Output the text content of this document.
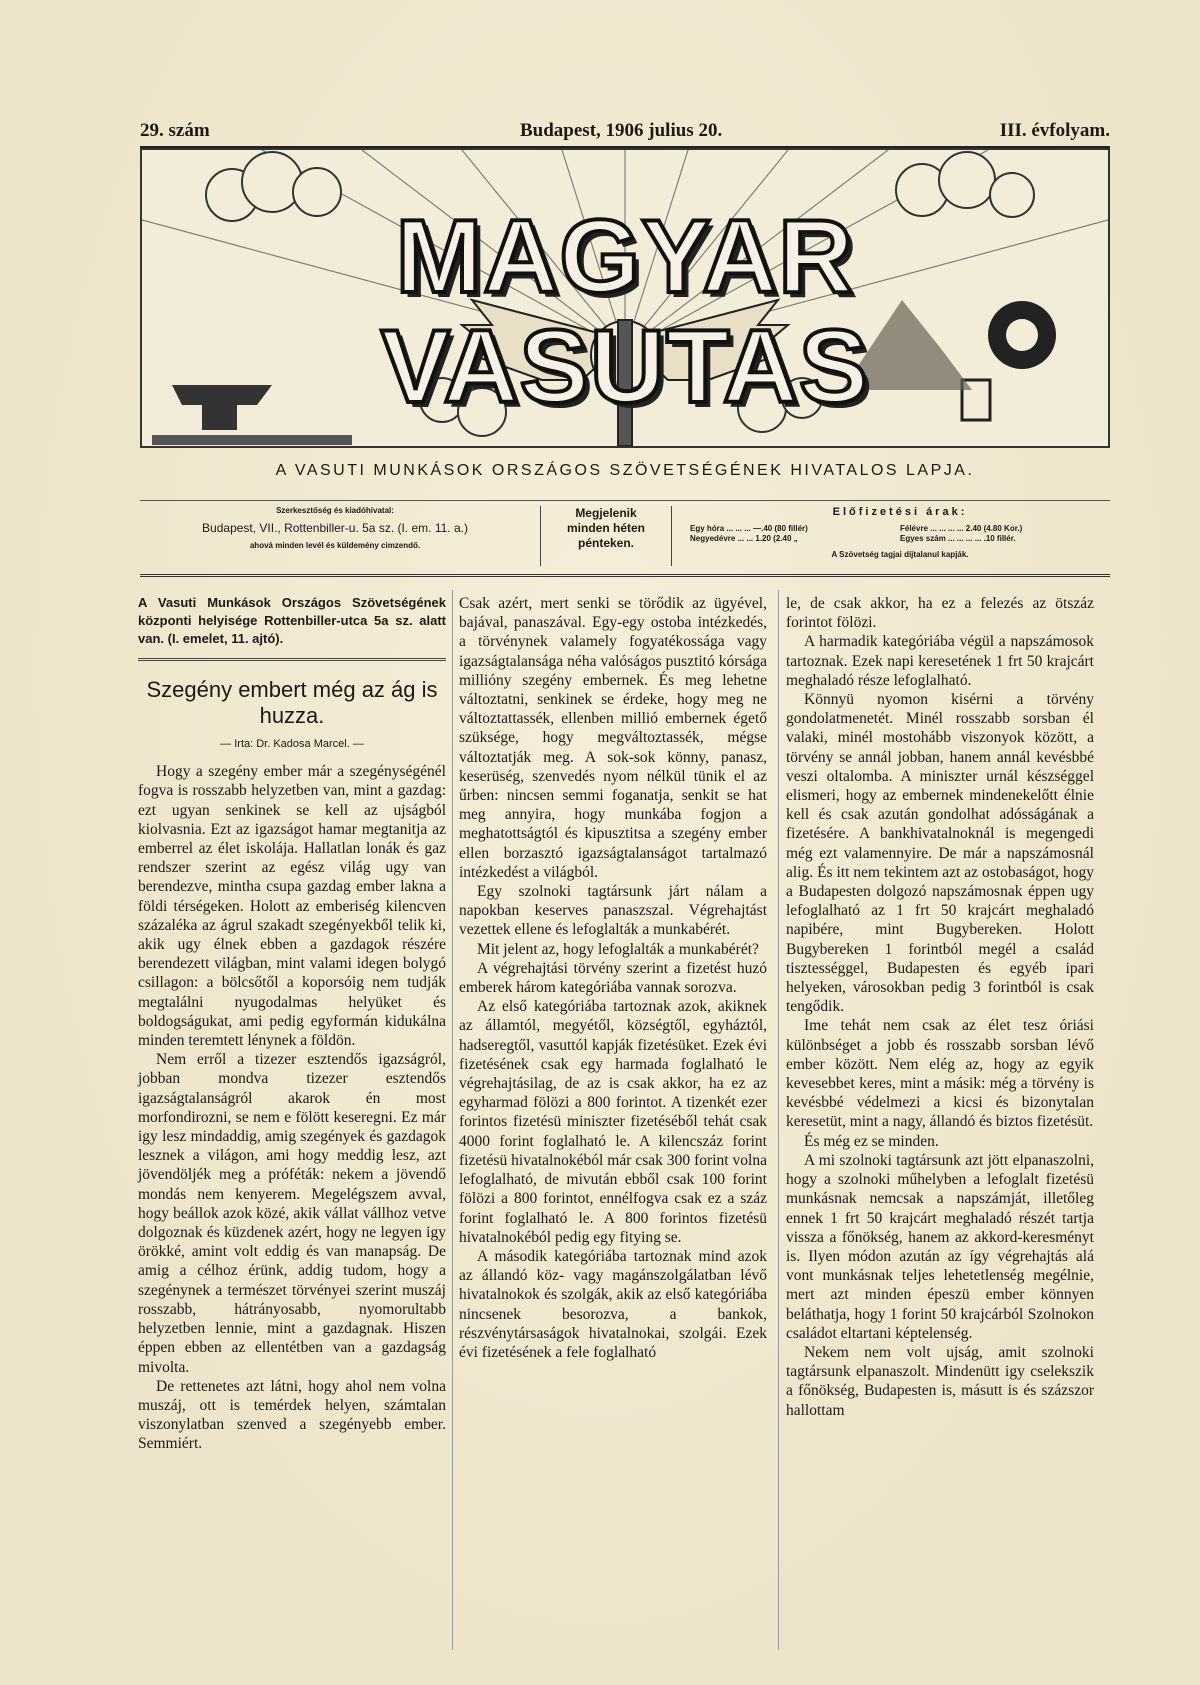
29. szám	Budapest, 1906 julius 20.	III. évfolyam.
MAGYAR VASUTAS
A VASUTI MUNKÁSOK ORSZÁGOS SZÖVETSÉGÉNEK HIVATALOS LAPJA.
Szerkesztőség és kiadóhivatal:
Budapest, VII., Rottenbiller-u. 5a sz. (I. em. 11. a.)
ahová minden levél és küldemény cimzendő.
Megjelenik
minden héten
pénteken.
Előfizetési árak:
Egy hóra ... ... ... —.40 (80 fillér)
Negyedévre ... ... 1.20 (2.40 „
Félévre ... ... ... ... 2.40 (4.80 Kor.)
Egyes szám ... ... ... ... .10 fillér.
A Szövetség tagjai díjtalanul kapják.

A Vasuti Munkások Országos Szövetségének központi helyisége Rottenbiller-utca 5a sz. alatt van. (I. emelet, 11. ajtó).

Szegény embert még az ág is huzza.
— Irta: Dr. Kadosa Marcel. —

Hogy a szegény ember már a szegénységénél fogva is rosszabb helyzetben van, mint a gazdag: ezt ugyan senkinek se kell az ujságból kiolvasnia. Ezt az igazságot hamar megtanitja az emberrel az élet iskolája. Hallatlan lonák és gaz rendszer szerint az egész világ ugy van berendezve, mintha csupa gazdag ember lakna a földi térségeken. Holott az emberiség kilencven százaléka az ágrul szakadt szegényekből telik ki, akik ugy élnek ebben a gazdagok részére berendezett világban, mint valami idegen bolygó csillagon: a bölcsőtől a koporsóig nem tudják megtalálni nyugodalmas helyüket és boldogságukat, ami pedig egyformán kidukálna minden teremtett lénynek a földön.

Nem erről a tizezer esztendős igazságról, jobban mondva tizezer esztendős igazságtalanságról akarok én most morfondirozni, se nem e fölött keseregni. Ez már igy lesz mindaddig, amig szegények és gazdagok lesznek a világon, ami hogy meddig lesz, azt jövendöljék meg a próféták: nekem a jövendő mondás nem kenyerem. Megelégszem avval, hogy beállok azok közé, akik vállat vállhoz vetve dolgoznak és küzdenek azért, hogy ne legyen igy örökké, amint volt eddig és van manapság. De amig a célhoz érünk, addig tudom, hogy a szegénynek a természet törvényei szerint muszáj rosszabb, hátrányosabb, nyomorultabb helyzetben lennie, mint a gazdagnak. Hiszen éppen ebben az ellentétben van a gazdagság mivolta.

De rettenetes azt látni, hogy ahol nem volna muszáj, ott is temérdek helyen, számtalan viszonylatban szenved a szegényebb ember. Semmiért.

Csak azért, mert senki se törődik az ügyével, bajával, panaszával. Egy-egy ostoba intézkedés, a törvénynek valamely fogyatékossága vagy igazságtalansága néha valóságos pusztitó kórsága millióny szegény embernek. És meg lehetne változtatni, senkinek se érdeke, hogy meg ne változtattassék, ellenben millió embernek égető szüksége, hogy megváltoztassék, mégse változtatják meg. A sok-sok könny, panasz, keserüség, szenvedés nyom nélkül tünik el az űrben: nincsen semmi foganatja, senkit se hat meg annyira, hogy munkába fogjon a meghatottságtól és kipusztitsa a szegény ember ellen borzasztó igazságtalanságot tartalmazó intézkedést a világból.

Egy szolnoki tagtársunk járt nálam a napokban keserves panaszszal. Végrehajtást vezettek ellene és lefoglalták a munkabérét.

Mit jelent az, hogy lefoglalták a munkabérét?

A végrehajtási törvény szerint a fizetést huzó emberek három kategóriába vannak sorozva.

Az első kategóriába tartoznak azok, akiknek az államtól, megyétől, községtől, egyháztól, hadseregtől, vasuttól kapják fizetésüket. Ezek évi fizetésének csak egy harmada foglalható le végrehajtásilag, de az is csak akkor, ha ez az egyharmad fölözi a 800 forintot. A tizenkét ezer forintos fizetésü miniszter fizetéséből tehát csak 4000 forint foglalható le. A kilencszáz forint fizetésü hivatalnokéból már csak 300 forint volna lefoglalható, de mivután ebből csak 100 forint fölözi a 800 forintot, ennélfogva csak ez a száz forint foglalható le. A 800 forintos fizetésü hivatalnokéból pedig egy fitying se.

A második kategóriába tartoznak mind azok az állandó köz- vagy magánszolgálatban lévő hivatalnokok és szolgák, akik az első kategóriába nincsenek besorozva, a bankok, részvénytársaságok hivatalnokai, szolgái. Ezek évi fizetésének a fele foglalható

le, de csak akkor, ha ez a felezés az ötszáz forintot fölözi.

A harmadik kategóriába végül a napszámosok tartoznak. Ezek napi keresetének 1 frt 50 krajcárt meghaladó része lefoglalható.

Könnyü nyomon kisérni a törvény gondolatmenetét. Minél rosszabb sorsban él valaki, minél mostohább viszonyok között, a törvény se annál jobban, hanem annál kevésbbé veszi oltalomba. A miniszter urnál készséggel elismeri, hogy az embernek mindenekelőtt élnie kell és csak azután gondolhat adósságának a fizetésére. A bankhivatalnoknál is megengedi még ezt valamennyire. De már a napszámosnál alig. És itt nem tekintem azt az ostobaságot, hogy a Budapesten dolgozó napszámosnak éppen ugy lefoglalható az 1 frt 50 krajcárt meghaladó napibére, mint Bugybereken. Holott Bugybereken 1 forintból megél a család tisztességgel, Budapesten és egyéb ipari helyeken, városokban pedig 3 forintból is csak tengődik.

Ime tehát nem csak az élet tesz óriási különbséget a jobb és rosszabb sorsban lévő ember között. Nem elég az, hogy az egyik kevesebbet keres, mint a másik: még a törvény is kevésbbé védelmezi a kicsi és bizonytalan keresetüt, mint a nagy, állandó és biztos fizetésüt.

És még ez se minden.

A mi szolnoki tagtársunk azt jött elpanaszolni, hogy a szolnoki műhelyben a lefoglalt fizetésü munkásnak nemcsak a napszámját, illetőleg ennek 1 frt 50 krajcárt meghaladó részét tartja vissza a főnökség, hanem az akkord-keresményt is. Ilyen módon azután az így végrehajtás alá vont munkásnak teljes lehetetlenség megélnie, mert azt minden épeszü ember könnyen beláthatja, hogy 1 forint 50 krajcárból Szolnokon családot eltartani képtelenség.

Nekem nem volt ujság, amit szolnoki tagtársunk elpanaszolt. Mindenütt igy cselekszik a főnökség, Budapesten is, másutt is és százszor hallottam
